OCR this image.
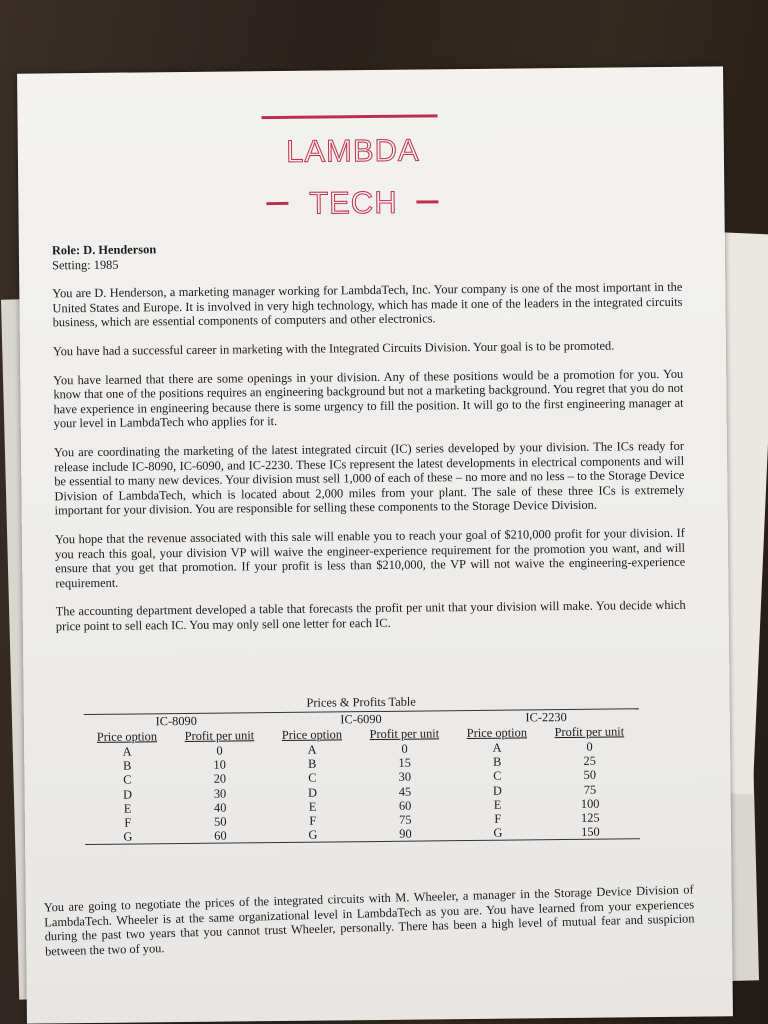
LAMBDA
TECH

Role: D. Henderson

Setting: 1985

You are D. Henderson, a marketing manager working for LambdaTech, Inc. Your company is one of the most important in the United States and Europe. It is involved in very high technology, which has made it one of the leaders in the integrated circuits business, which are essential components of computers and other electronics.

You have had a successful career in marketing with the Integrated Circuits Division. Your goal is to be promoted.

You have learned that there are some openings in your division. Any of these positions would be a promotion for you. You know that one of the positions requires an engineering background but not a marketing background. You regret that you do not have experience in engineering because there is some urgency to fill the position. It will go to the first engineering manager at your level in LambdaTech who applies for it.

You are coordinating the marketing of the latest integrated circuit (IC) series developed by your division. The ICs ready for release include IC-8090, IC-6090, and IC-2230. These ICs represent the latest developments in electrical components and will be essential to many new devices. Your division must sell 1,000 of each of these – no more and no less – to the Storage Device Division of LambdaTech, which is located about 2,000 miles from your plant. The sale of these three ICs is extremely important for your division. You are responsible for selling these components to the Storage Device Division.

You hope that the revenue associated with this sale will enable you to reach your goal of $210,000 profit for your division. If you reach this goal, your division VP will waive the engineer-experience requirement for the promotion you want, and will ensure that you get that promotion. If your profit is less than $210,000, the VP will not waive the engineering-experience requirement.

The accounting department developed a table that forecasts the profit per unit that your division will make. You decide which price point to sell each IC. You may only sell one letter for each IC.

Prices & Profits Table
IC-8090	IC-6090	IC-2230
Price option	Profit per unit	Price option	Profit per unit	Price option	Profit per unit
A	0	A	0	A	0
B	10	B	15	B	25
C	20	C	30	C	50
D	30	D	45	D	75
E	40	E	60	E	100
F	50	F	75	F	125
G	60	G	90	G	150

You are going to negotiate the prices of the integrated circuits with M. Wheeler, a manager in the Storage Device Division of LambdaTech. Wheeler is at the same organizational level in LambdaTech as you are. You have learned from your experiences during the past two years that you cannot trust Wheeler, personally. There has been a high level of mutual fear and suspicion between the two of you.
